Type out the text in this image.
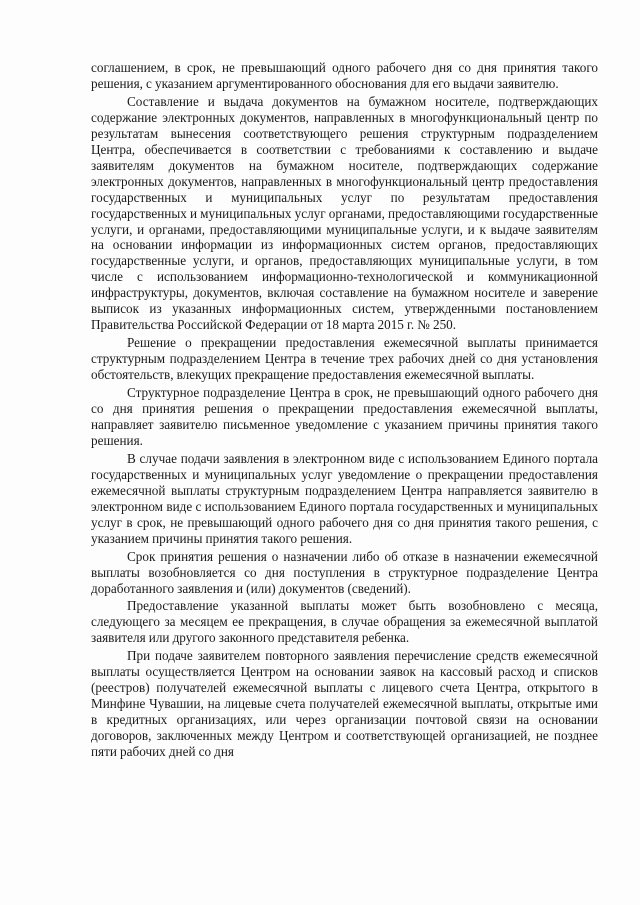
соглашением, в срок, не превышающий одного рабочего дня со дня принятия такого решения, с указанием аргументированного обоснования для его выдачи заявителю.

Составление и выдача документов на бумажном носителе, подтверждающих содержание электронных документов, направленных в многофункциональный центр по результатам вынесения соответствующего решения структурным подразделением Центра, обеспечивается в соответствии с требованиями к составлению и выдаче заявителям документов на бумажном носителе, подтверждающих содержание электронных документов, направленных в многофункциональный центр предоставления государственных и муниципальных услуг по результатам предоставления государственных и муниципальных услуг органами, предоставляющими государственные услуги, и органами, предоставляющими муниципальные услуги, и к выдаче заявителям на основании информации из информационных систем органов, предоставляющих государственные услуги, и органов, предоставляющих муниципальные услуги, в том числе с использованием информационно-технологической и коммуникационной инфраструктуры, документов, включая составление на бумажном носителе и заверение выписок из указанных информационных систем, утвержденными постановлением Правительства Российской Федерации от 18 марта 2015 г. № 250.

Решение о прекращении предоставления ежемесячной выплаты принимается структурным подразделением Центра в течение трех рабочих дней со дня установления обстоятельств, влекущих прекращение предоставления ежемесячной выплаты.

Структурное подразделение Центра в срок, не превышающий одного рабочего дня со дня принятия решения о прекращении предоставления ежемесячной выплаты, направляет заявителю письменное уведомление с указанием причины принятия такого решения.

В случае подачи заявления в электронном виде с использованием Единого портала государственных и муниципальных услуг уведомление о прекращении предоставления ежемесячной выплаты структурным подразделением Центра направляется заявителю в электронном виде с использованием Единого портала государственных и муниципальных услуг в срок, не превышающий одного рабочего дня со дня принятия такого решения, с указанием причины принятия такого решения.

Срок принятия решения о назначении либо об отказе в назначении ежемесячной выплаты возобновляется со дня поступления в структурное подразделение Центра доработанного заявления и (или) документов (сведений).

Предоставление указанной выплаты может быть возобновлено с месяца, следующего за месяцем ее прекращения, в случае обращения за ежемесячной выплатой заявителя или другого законного представителя ребенка.

При подаче заявителем повторного заявления перечисление средств ежемесячной выплаты осуществляется Центром на основании заявок на кассовый расход и списков (реестров) получателей ежемесячной выплаты с лицевого счета Центра, открытого в Минфине Чувашии, на лицевые счета получателей ежемесячной выплаты, открытые ими в кредитных организациях, или через организации почтовой связи на основании договоров, заключенных между Центром и соответствующей организацией, не позднее пяти рабочих дней со дня
